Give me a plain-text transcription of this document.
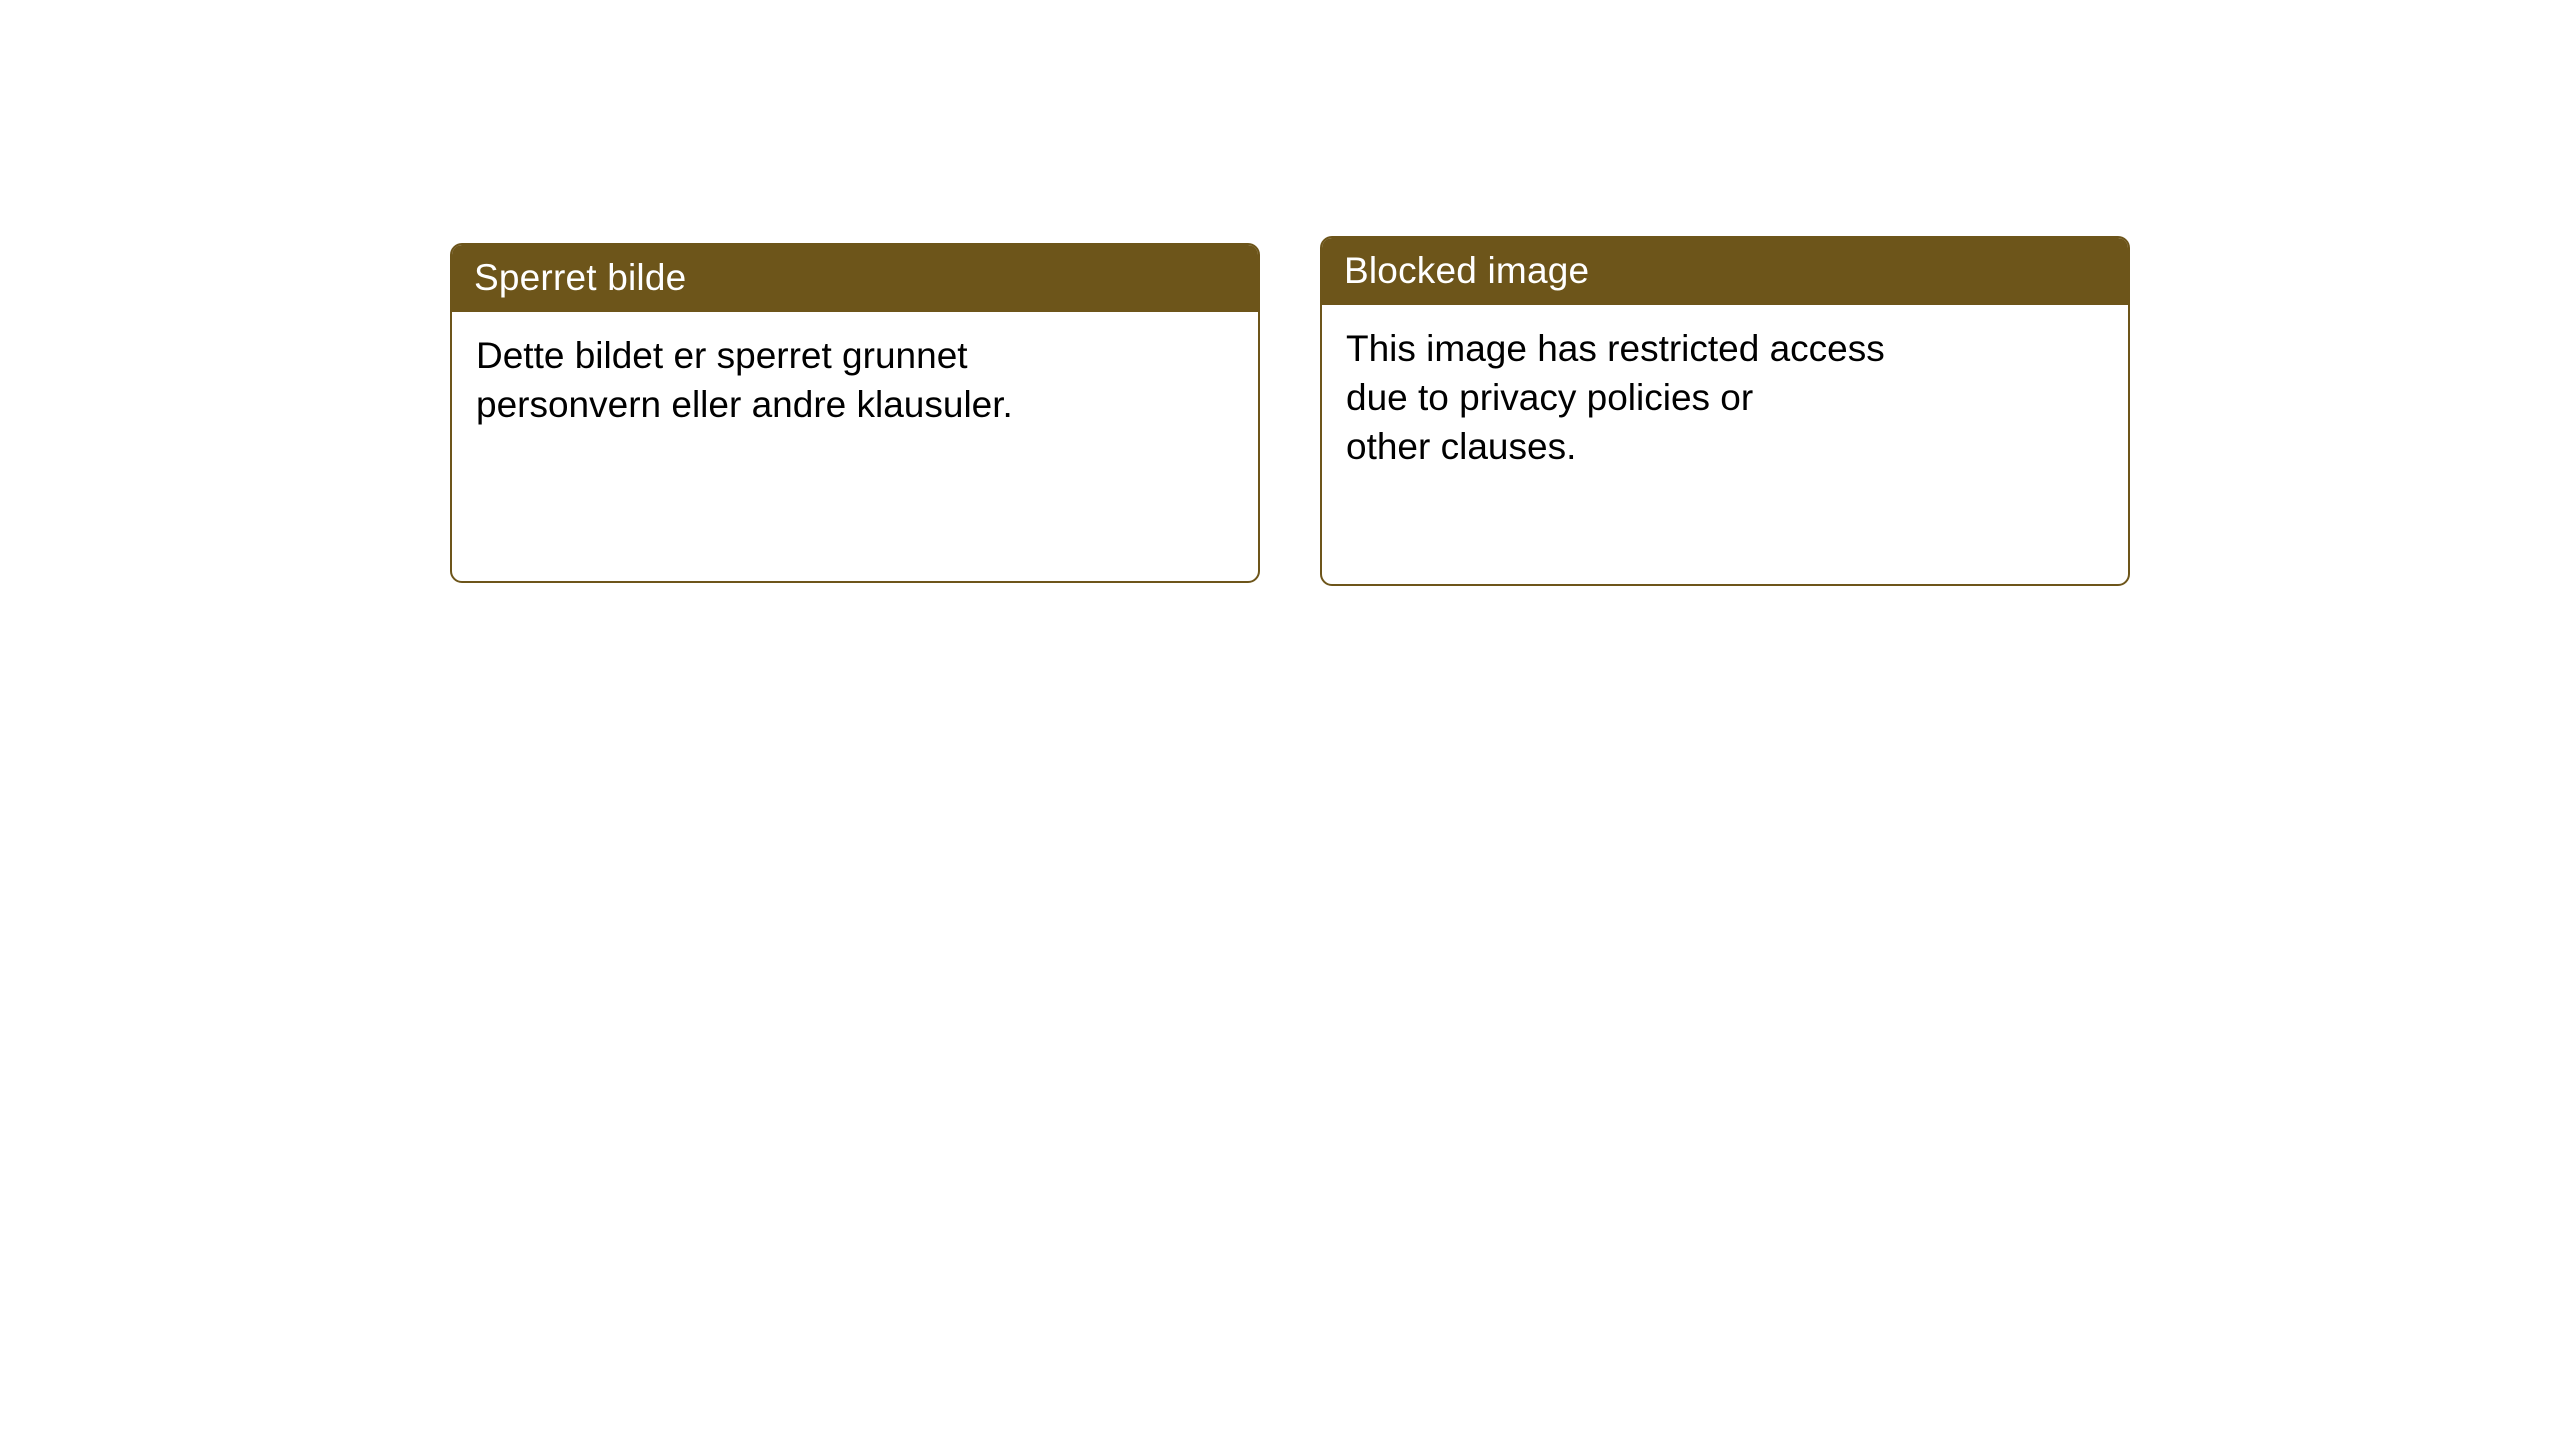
Sperret bilde

Dette bildet er sperret grunnet
personvern eller andre klausuler.

Blocked image

This image has restricted access
due to privacy policies or
other clauses.
